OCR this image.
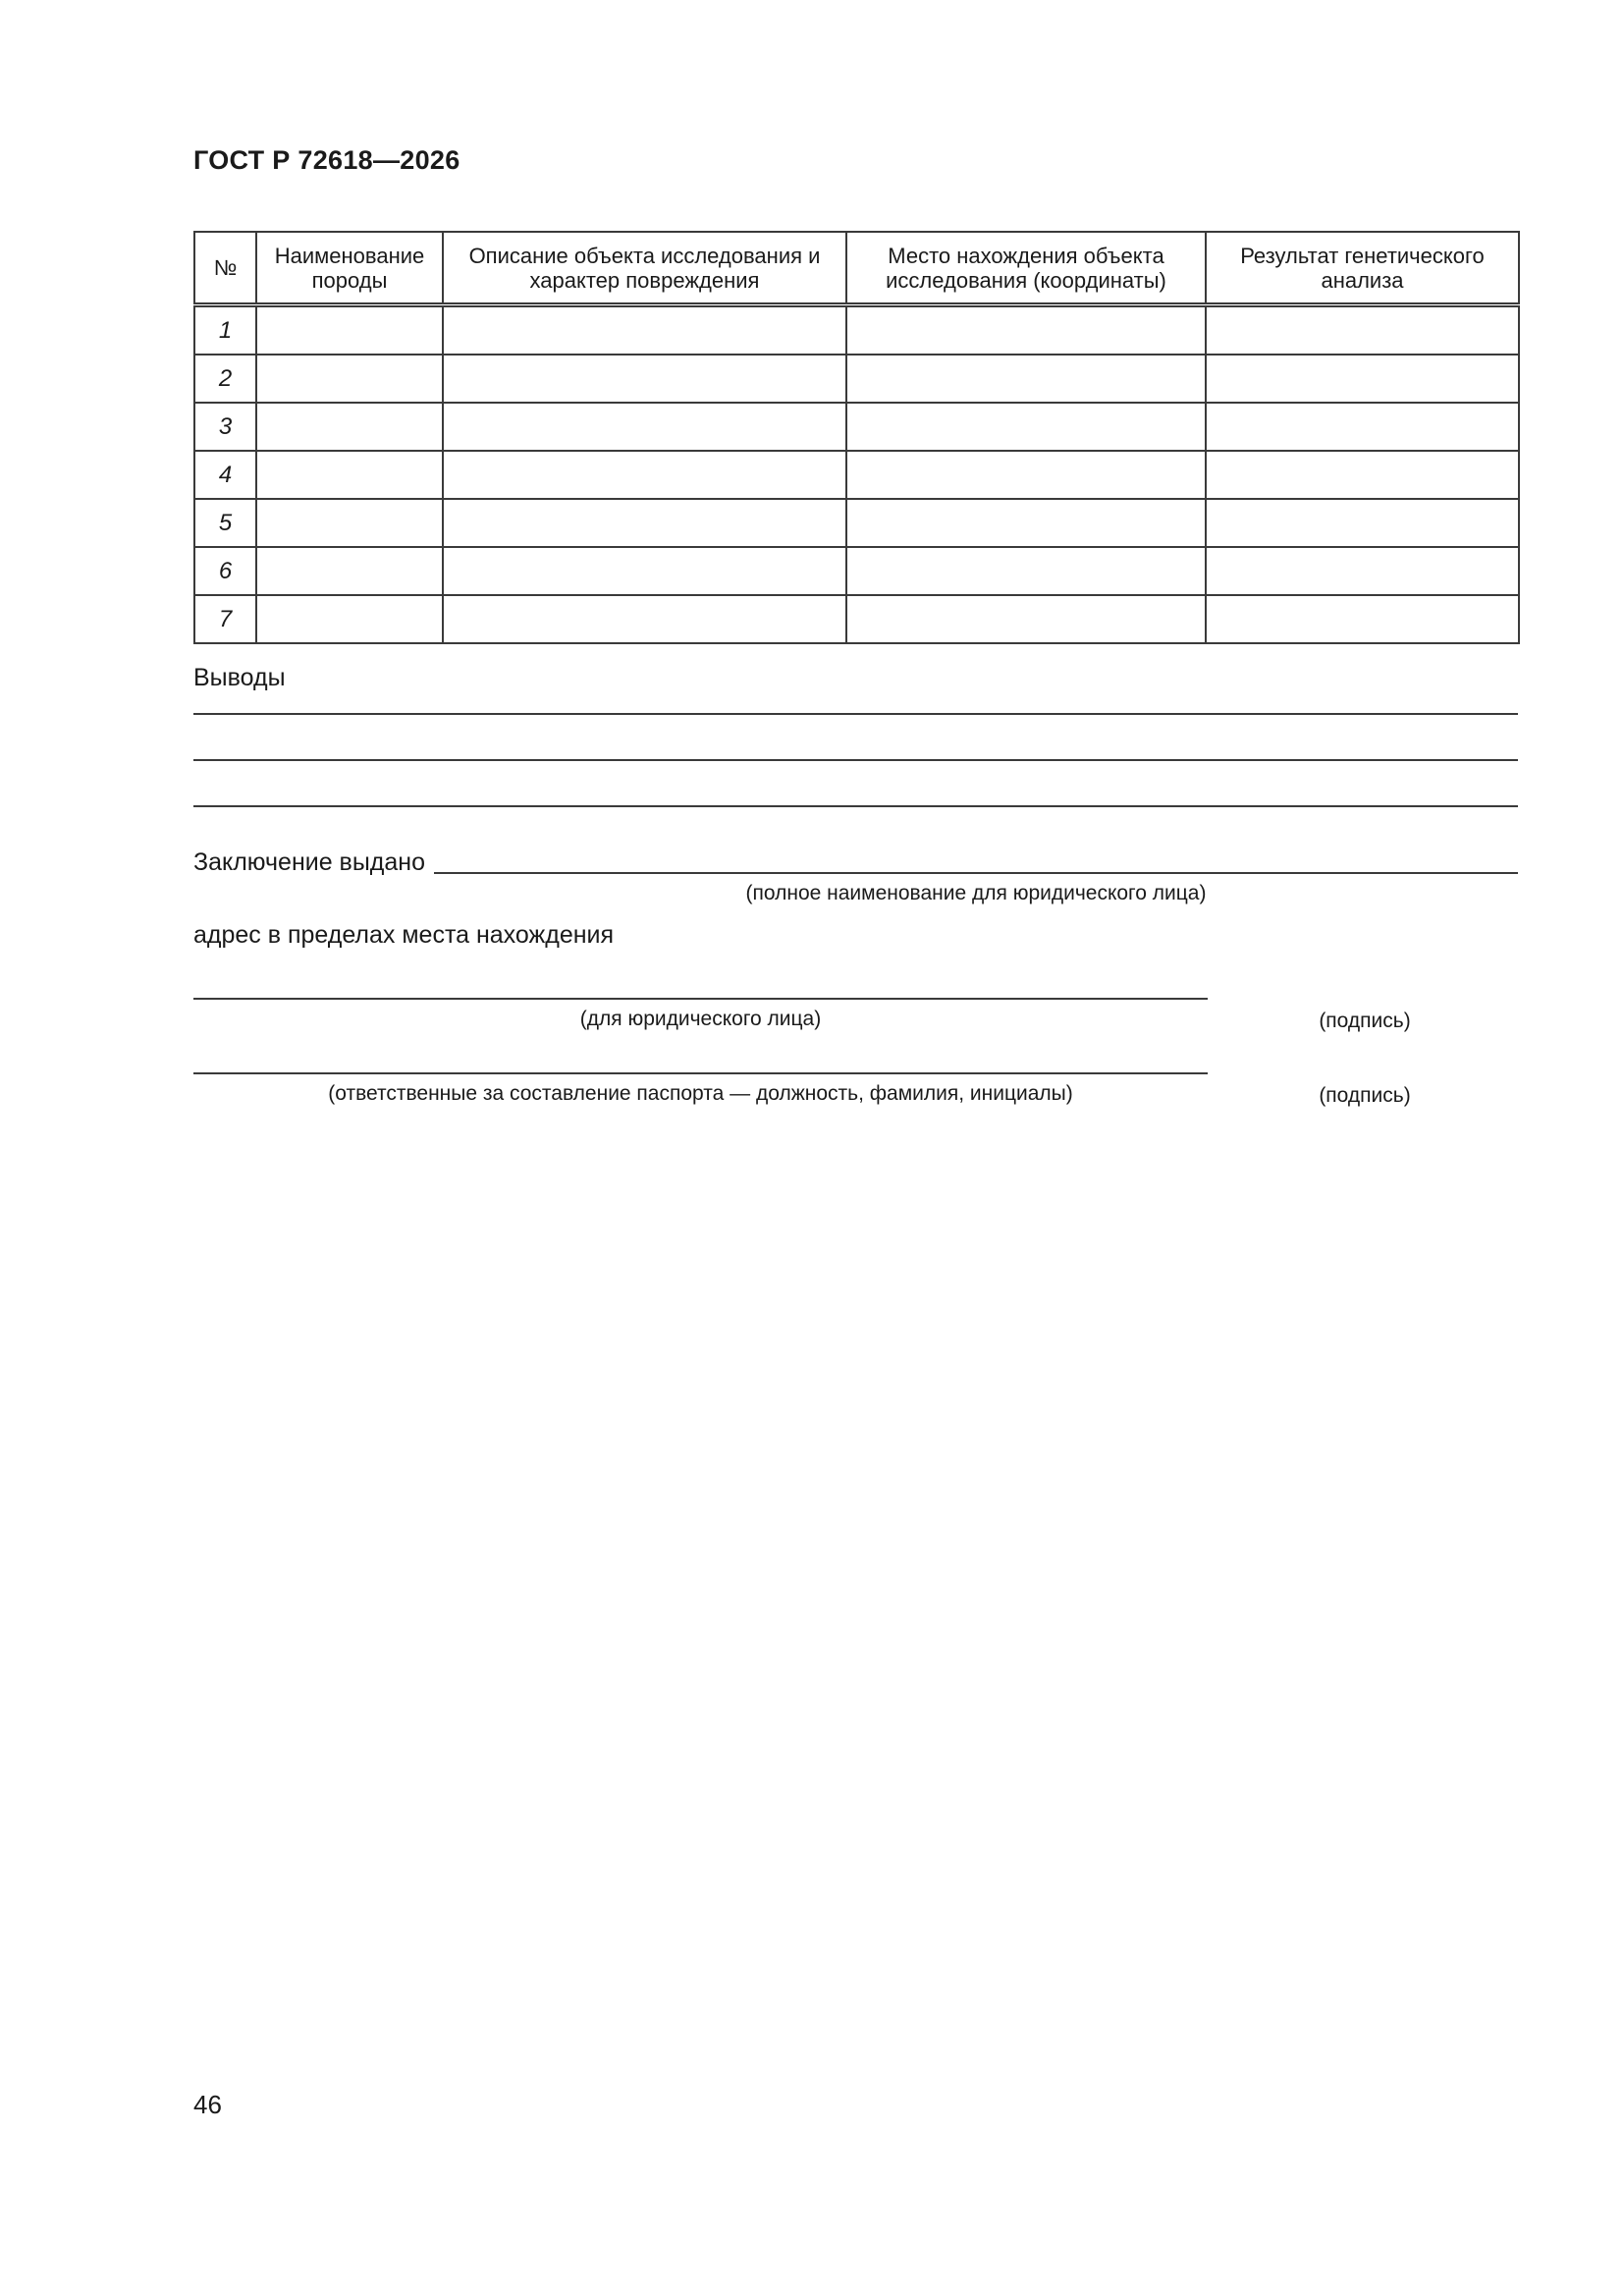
ГОСТ Р 72618—2026
№	Наименование породы	Описание объекта исследования и характер повреждения	Место нахождения объекта исследования (координаты)	Результат генетического анализа
1				
2				
3				
4				
5				
6				
7				
Выводы
Заключение выдано
(полное наименование для юридического лица)
адрес в пределах места нахождения
(для юридического лица)	(подпись)
(ответственные за составление паспорта — должность, фамилия, инициалы)	(подпись)
46
